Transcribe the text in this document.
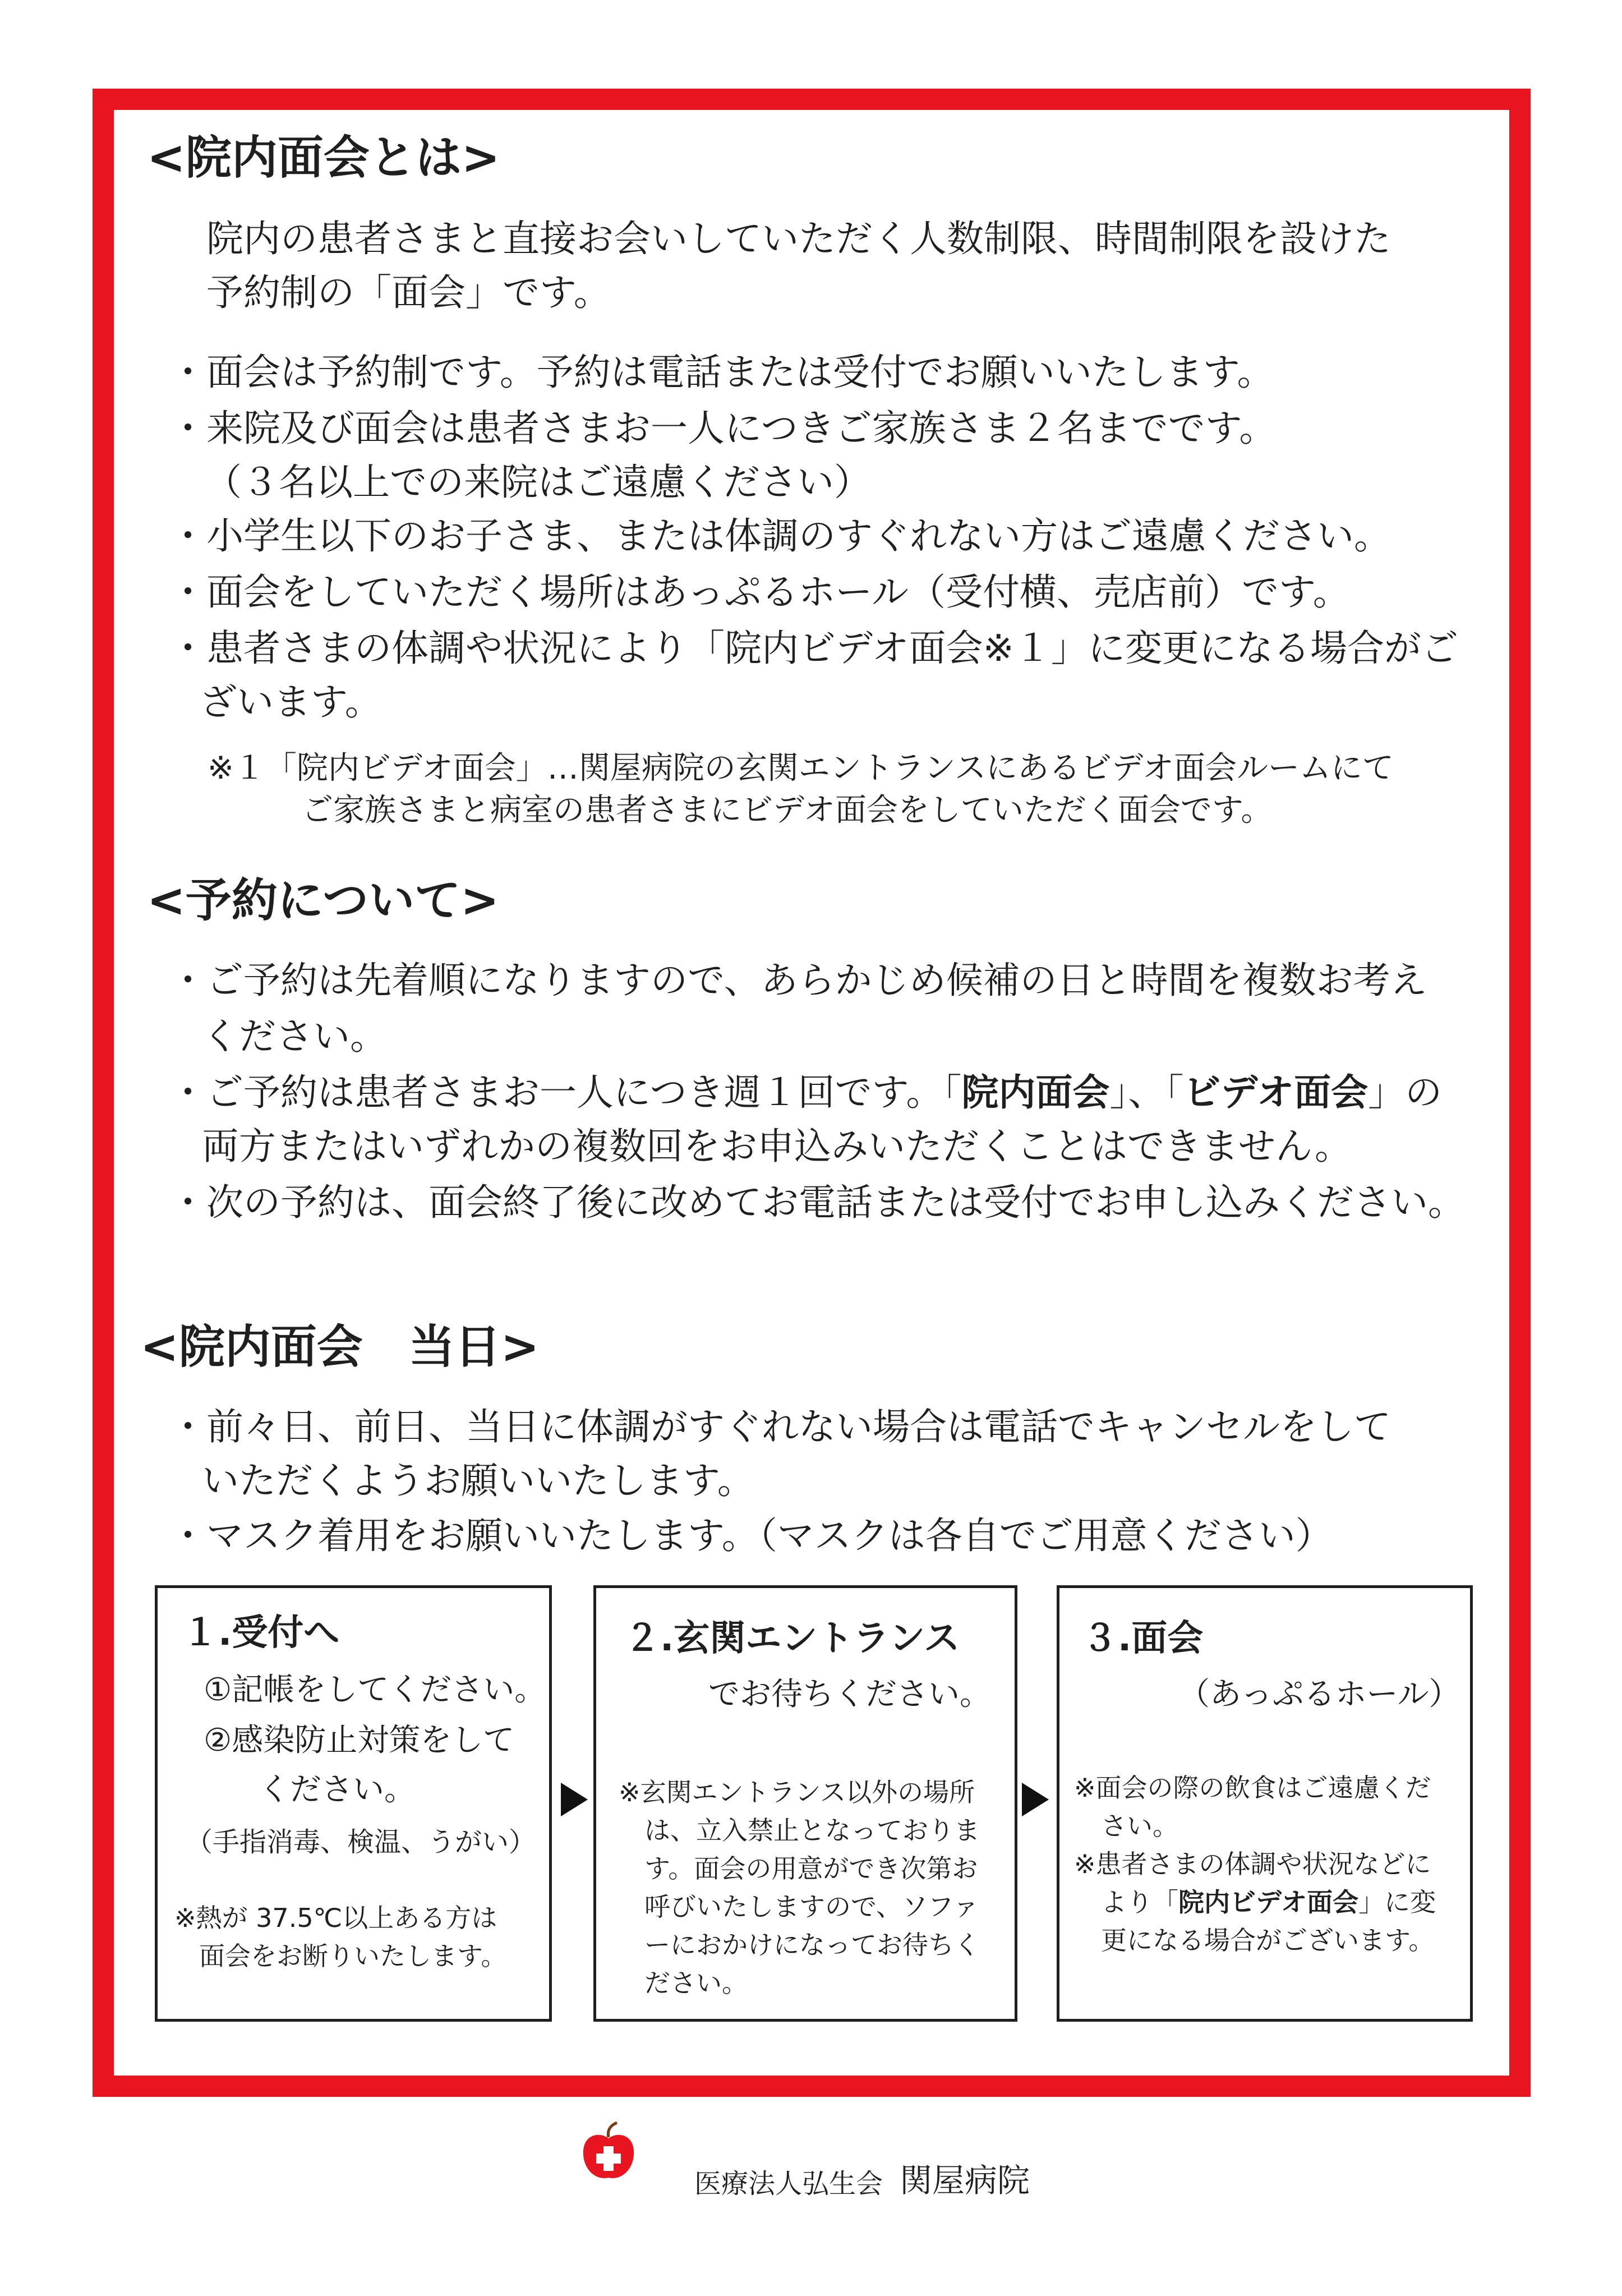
<院内面会とは>
院内の患者さまと直接お会いしていただく人数制限、時間制限を設けた
予約制の「面会」です。
・面会は予約制です。予約は電話または受付でお願いいたします。
・来院及び面会は患者さまお一人につきご家族さま２名までです。
（３名以上での来院はご遠慮ください）
・小学生以下のお子さま、または体調のすぐれない方はご遠慮ください。
・面会をしていただく場所はあっぷるホール（受付横、売店前）です。
・患者さまの体調や状況により「院内ビデオ面会※１」に変更になる場合がご
ざいます。
※１「院内ビデオ面会」…関屋病院の玄関エントランスにあるビデオ面会ルームにて
ご家族さまと病室の患者さまにビデオ面会をしていただく面会です。
<予約について>
・ご予約は先着順になりますので、あらかじめ候補の日と時間を複数お考え
ください。
・ご予約は患者さまお一人につき週１回です。「院内面会」、「ビデオ面会」の
両方またはいずれかの複数回をお申込みいただくことはできません。
・次の予約は、面会終了後に改めてお電話または受付でお申し込みください。
<院内面会　当日>
・前々日、前日、当日に体調がすぐれない場合は電話でキャンセルをして
いただくようお願いいたします。
・マスク着用をお願いいたします。（マスクは各自でご用意ください）
１.受付へ
①記帳をしてください。
②感染防止対策をして
ください。
（手指消毒、検温、うがい）
※熱が 37.5℃以上ある方は
面会をお断りいたします。
２.玄関エントランス
でお待ちください。
※玄関エントランス以外の場所
は、立入禁止となっておりま
す。面会の用意ができ次第お
呼びいたしますので、ソファ
ーにおかけになってお待ちく
ださい。
３.面会
（あっぷるホール）
※面会の際の飲食はご遠慮くだ
さい。
※患者さまの体調や状況などに
より「院内ビデオ面会」に変
更になる場合がございます。
医療法人弘生会 関屋病院
